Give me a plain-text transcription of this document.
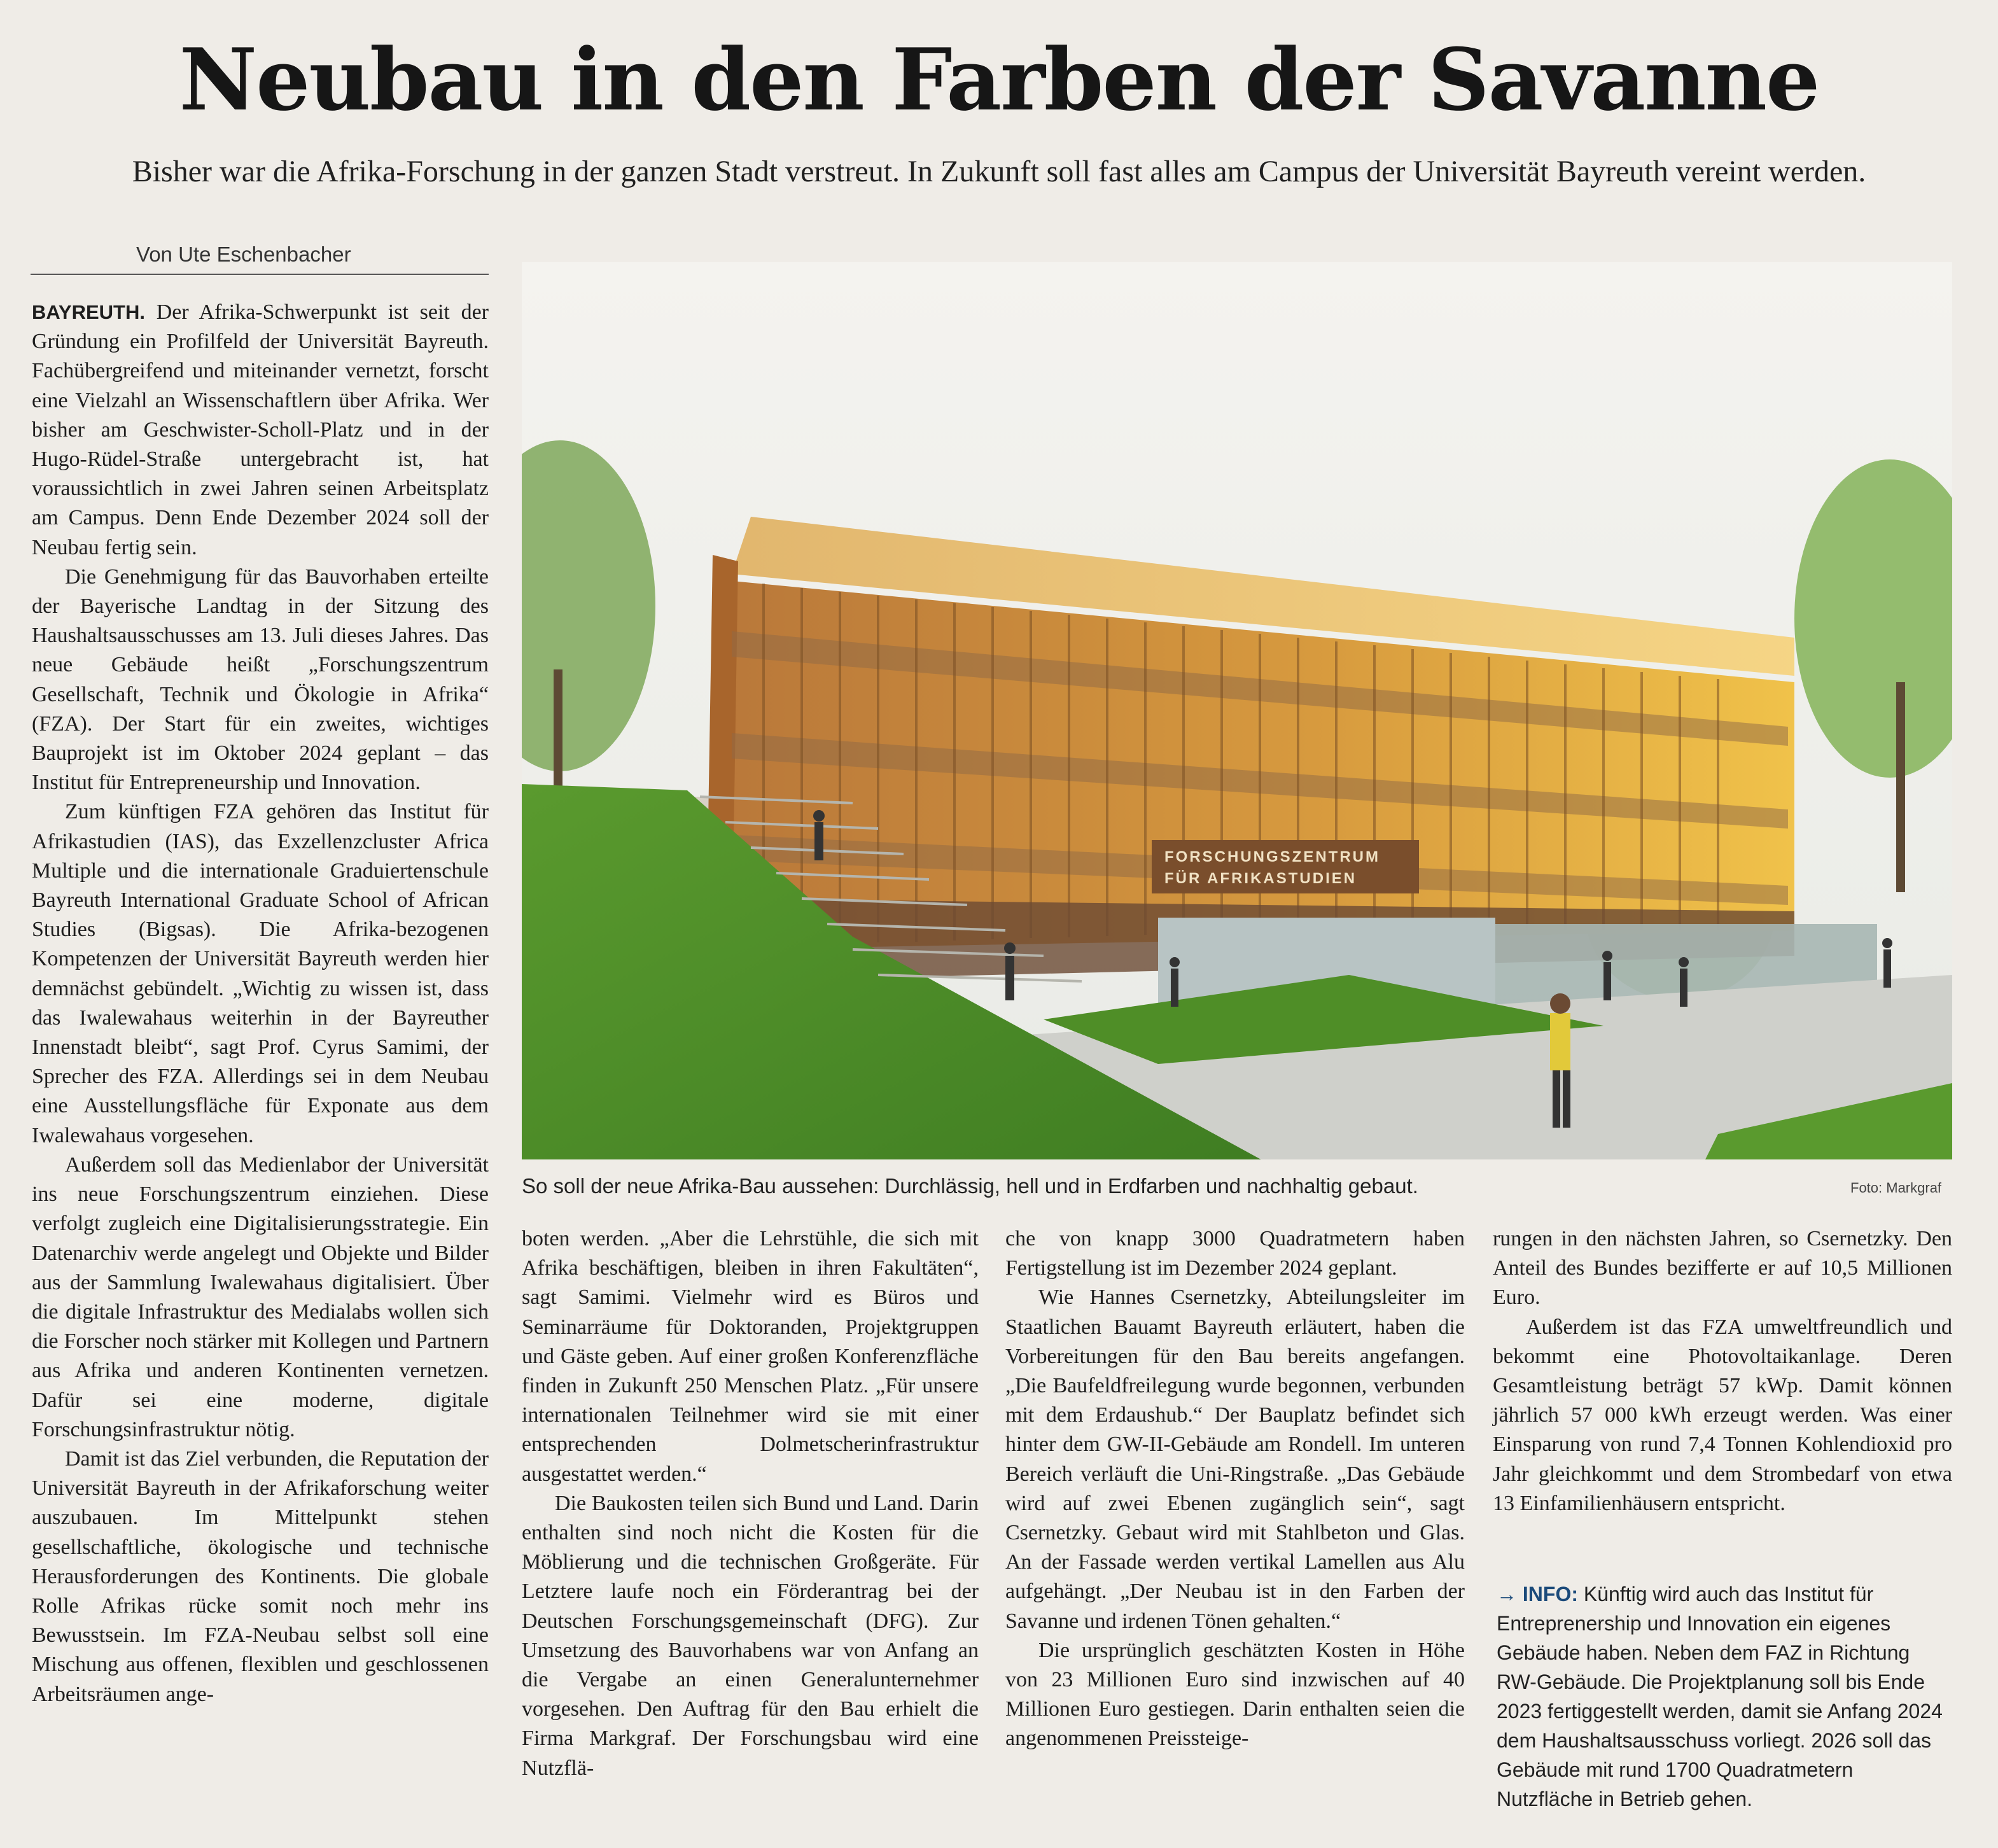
Neubau in den Farben der Savanne
Bisher war die Afrika-Forschung in der ganzen Stadt verstreut. In Zukunft soll fast alles am Campus der Universität Bayreuth vereint werden.
Von Ute Eschenbacher

BAYREUTH. Der Afrika-Schwerpunkt ist seit der Gründung ein Profilfeld der Universität Bayreuth. Fachübergreifend und miteinander vernetzt, forscht eine Vielzahl an Wissenschaftlern über Afrika. Wer bisher am Geschwister-Scholl-Platz und in der Hugo-Rüdel-Straße untergebracht ist, hat voraussichtlich in zwei Jahren seinen Arbeitsplatz am Campus. Denn Ende Dezember 2024 soll der Neubau fertig sein.

Die Genehmigung für das Bauvorhaben erteilte der Bayerische Landtag in der Sitzung des Haushaltsausschusses am 13. Juli dieses Jahres. Das neue Gebäude heißt „Forschungszentrum Gesellschaft, Technik und Ökologie in Afrika“ (FZA). Der Start für ein zweites, wichtiges Bauprojekt ist im Oktober 2024 geplant – das Institut für Entrepreneurship und Innovation.

Zum künftigen FZA gehören das Institut für Afrikastudien (IAS), das Exzellenzcluster Africa Multiple und die internationale Graduiertenschule Bayreuth International Graduate School of African Studies (Bigsas). Die Afrika-bezogenen Kompetenzen der Universität Bayreuth werden hier demnächst gebündelt. „Wichtig zu wissen ist, dass das Iwalewahaus weiterhin in der Bayreuther Innenstadt bleibt“, sagt Prof. Cyrus Samimi, der Sprecher des FZA. Allerdings sei in dem Neubau eine Ausstellungsfläche für Exponate aus dem Iwalewahaus vorgesehen.

Außerdem soll das Medienlabor der Universität ins neue Forschungszentrum einziehen. Diese verfolgt zugleich eine Digitalisierungsstrategie. Ein Datenarchiv werde angelegt und Objekte und Bilder aus der Sammlung Iwalewahaus digitalisiert. Über die digitale Infrastruktur des Medialabs wollen sich die Forscher noch stärker mit Kollegen und Partnern aus Afrika und anderen Kontinenten vernetzen. Dafür sei eine moderne, digitale Forschungsinfrastruktur nötig.

Damit ist das Ziel verbunden, die Reputation der Universität Bayreuth in der Afrikaforschung weiter auszubauen. Im Mittelpunkt stehen gesellschaftliche, ökologische und technische Herausforderungen des Kontinents. Die globale Rolle Afrikas rücke somit noch mehr ins Bewusstsein. Im FZA-Neubau selbst soll eine Mischung aus offenen, flexiblen und geschlossenen Arbeitsräumen ange-

FORSCHUNGSZENTRUM
FÜR AFRIKASTUDIEN
So soll der neue Afrika-Bau aussehen: Durchlässig, hell und in Erdfarben und nachhaltig gebaut.	Foto: Markgraf

boten werden. „Aber die Lehrstühle, die sich mit Afrika beschäftigen, bleiben in ihren Fakultäten“, sagt Samimi. Vielmehr wird es Büros und Seminarräume für Doktoranden, Projektgruppen und Gäste geben. Auf einer großen Konferenzfläche finden in Zukunft 250 Menschen Platz. „Für unsere internationalen Teilnehmer wird sie mit einer entsprechenden Dolmetscherinfrastruktur ausgestattet werden.“

Die Baukosten teilen sich Bund und Land. Darin enthalten sind noch nicht die Kosten für die Möblierung und die technischen Großgeräte. Für Letztere laufe noch ein Förderantrag bei der Deutschen Forschungsgemeinschaft (DFG). Zur Umsetzung des Bauvorhabens war von Anfang an die Vergabe an einen Generalunternehmer vorgesehen. Den Auftrag für den Bau erhielt die Firma Markgraf. Der Forschungsbau wird eine Nutzflä-

che von knapp 3000 Quadratmetern haben Fertigstellung ist im Dezember 2024 geplant.

Wie Hannes Csernetzky, Abteilungsleiter im Staatlichen Bauamt Bayreuth erläutert, haben die Vorbereitungen für den Bau bereits angefangen. „Die Baufeldfreilegung wurde begonnen, verbunden mit dem Erdaushub.“ Der Bauplatz befindet sich hinter dem GW-II-Gebäude am Rondell. Im unteren Bereich verläuft die Uni-Ringstraße. „Das Gebäude wird auf zwei Ebenen zugänglich sein“, sagt Csernetzky. Gebaut wird mit Stahlbeton und Glas. An der Fassade werden vertikal Lamellen aus Alu aufgehängt. „Der Neubau ist in den Farben der Savanne und irdenen Tönen gehalten.“

Die ursprünglich geschätzten Kosten in Höhe von 23 Millionen Euro sind inzwischen auf 40 Millionen Euro gestiegen. Darin enthalten seien die angenommenen Preissteige-

rungen in den nächsten Jahren, so Csernetzky. Den Anteil des Bundes bezifferte er auf 10,5 Millionen Euro.

Außerdem ist das FZA umweltfreundlich und bekommt eine Photovoltaikanlage. Deren Gesamtleistung beträgt 57 kWp. Damit können jährlich 57 000 kWh erzeugt werden. Was einer Einsparung von rund 7,4 Tonnen Kohlendioxid pro Jahr gleichkommt und dem Strombedarf von etwa 13 Einfamilienhäusern entspricht.

→ INFO: Künftig wird auch das Institut für Entreprenership und Innovation ein eigenes Gebäude haben. Neben dem FAZ in Richtung RW-Gebäude. Die Projektplanung soll bis Ende 2023 fertiggestellt werden, damit sie Anfang 2024 dem Haushaltsausschuss vorliegt. 2026 soll das Gebäude mit rund 1700 Quadratmetern Nutzfläche in Betrieb gehen.
